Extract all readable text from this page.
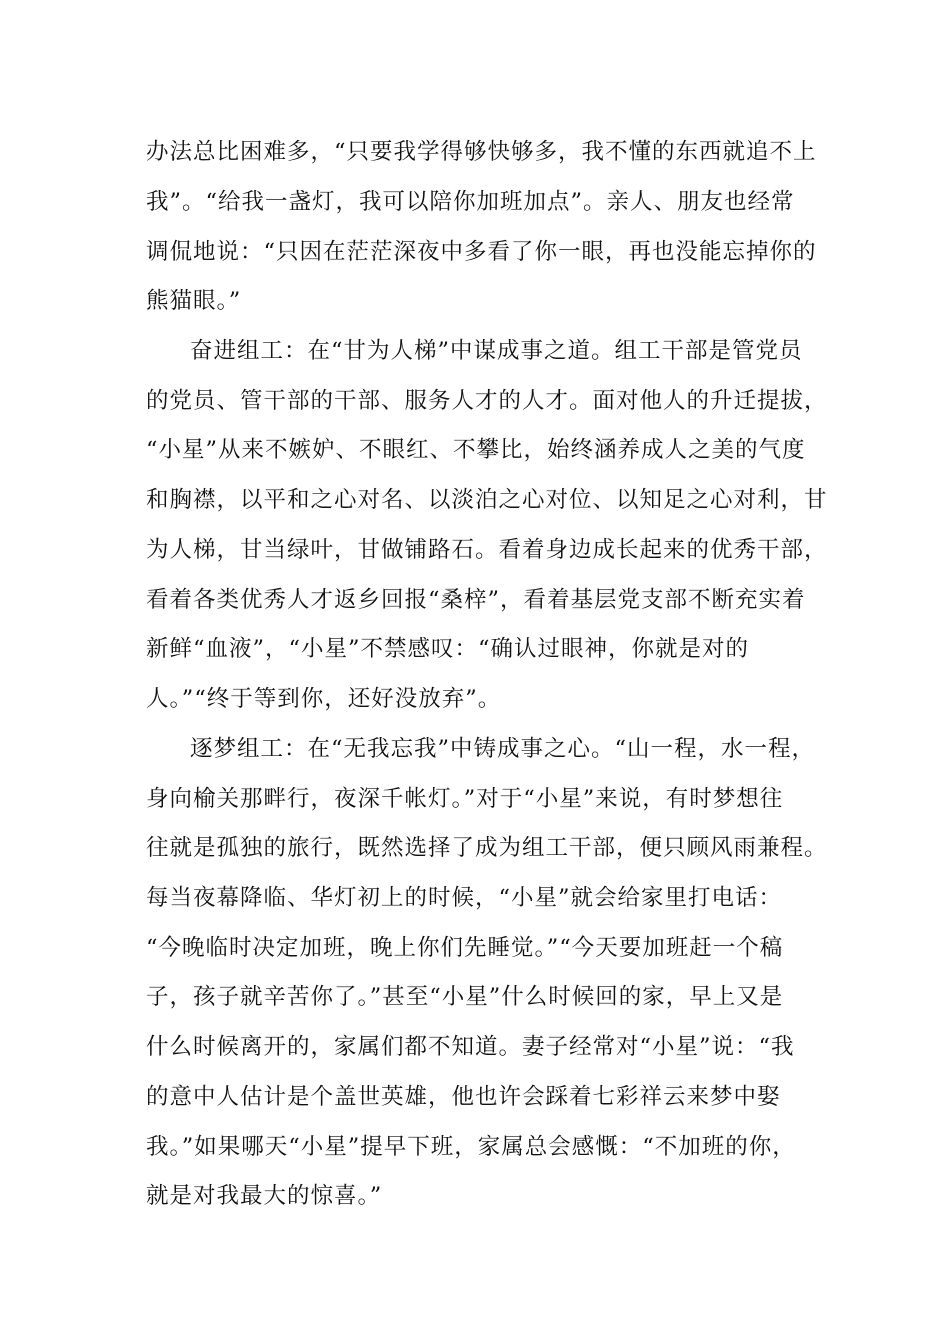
办法总比困难多，“只要我学得够快够多，我不懂的东西就追不上

我”。“给我一盏灯，我可以陪你加班加点”。亲人、朋友也经常

调侃地说：“只因在茫茫深夜中多看了你一眼，再也没能忘掉你的

熊猫眼。”

奋进组工：在“甘为人梯”中谋成事之道。组工干部是管党员

的党员、管干部的干部、服务人才的人才。面对他人的升迁提拔，

“小星”从来不嫉妒、不眼红、不攀比，始终涵养成人之美的气度

和胸襟，以平和之心对名、以淡泊之心对位、以知足之心对利，甘

为人梯，甘当绿叶，甘做铺路石。看着身边成长起来的优秀干部，

看着各类优秀人才返乡回报“桑梓”，看着基层党支部不断充实着

新鲜“血液”，“小星”不禁感叹：“确认过眼神，你就是对的

人。”“终于等到你，还好没放弃”。

逐梦组工：在“无我忘我”中铸成事之心。“山一程，水一程，

身向榆关那畔行，夜深千帐灯。”对于“小星”来说，有时梦想往

往就是孤独的旅行，既然选择了成为组工干部，便只顾风雨兼程。

每当夜幕降临、华灯初上的时候，“小星”就会给家里打电话：

“今晚临时决定加班，晚上你们先睡觉。”“今天要加班赶一个稿

子，孩子就辛苦你了。”甚至“小星”什么时候回的家，早上又是

什么时候离开的，家属们都不知道。妻子经常对“小星”说：“我

的意中人估计是个盖世英雄，他也许会踩着七彩祥云来梦中娶

我。”如果哪天“小星”提早下班，家属总会感慨：“不加班的你，

就是对我最大的惊喜。”
